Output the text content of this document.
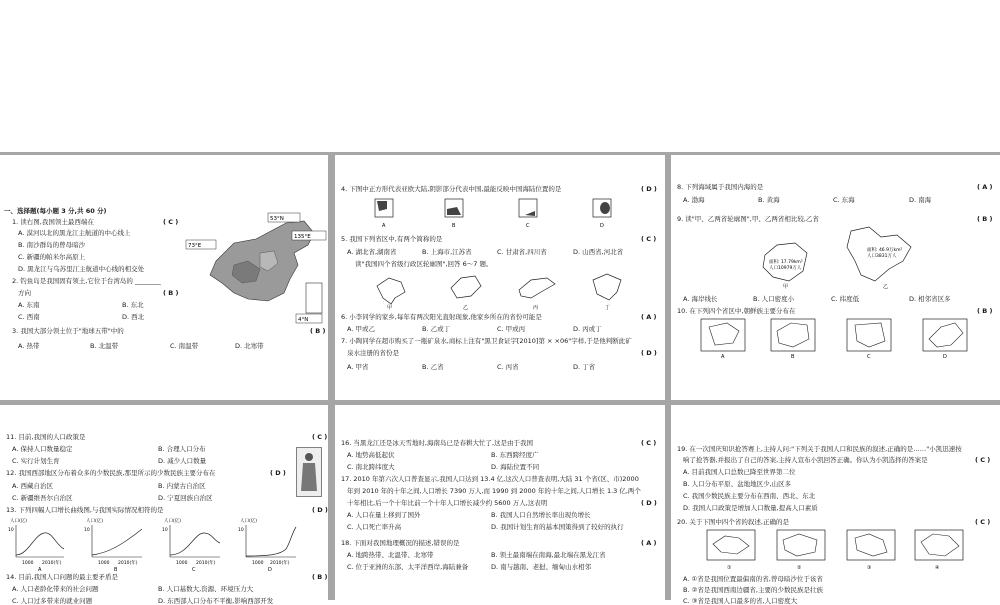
一、选择题(每小题 3 分,共 60 分)
1. 读右图,我国领土最西端在	( C )
A. 漠河以北的黑龙江主航道的中心线上
B. 南沙群岛的曾母暗沙
C. 新疆的帕米尔高原上
D. 黑龙江与乌苏里江主航道中心线的相交处
2. 钓鱼岛是我国固有领土,它位于台湾岛的 ________
方向	( B )
A. 东南	B. 东北
C. 西南	D. 西北
3. 我国大部分领土位于"地球五带"中的	( B )
A. 热带	B. 北温带	C. 南温带	D. 北寒带
53°N
135°E
73°E
4°N
4. 下图中正方形代表亚欧大陆,阴影部分代表中国,最能反映中国海陆位置的是	( D )
A	B	C	D
5. 我国下列省区中,有两个简称的是	( C )
A. 湖北省,湖南省	B. 上海市,江苏省	C. 甘肃省,四川省	D. 山西省,河北省
读"我国四个省级行政区轮廓图",回答 6～7 题。
甲	乙	丙	丁
6. 小李同学的家乡,每年有两次阳光直射现象,他家乡所在的省份可能是	( A )
A. 甲或乙	B. 乙或丁	C. 甲或丙	D. 丙或丁
7. 小陶同学在超市购买了一瓶矿泉水,商标上注有"黑卫食证字[2010]第 × ×06"字样,于是他判断此矿
泉水注册的省份是	( D )
A. 甲省	B. 乙省	C. 丙省	D. 丁省
8. 下列海域属于我国内海的是	( A )
A. 渤海	B. 黄海	C. 东海	D. 南海
9. 读"甲、乙两省轮廓图",甲、乙两省相比较,乙省	( B )
面积: 17.79km²
人口10979万人
甲
面积: 46.9万km²
人口3831万人
乙
A. 海岸线长	B. 人口密度小	C. 纬度低	D. 相邻省区多
10. 在下列四个省区中,朝鲜族主要分布在	( B )
A	B	C	D
11. 目前,我国的人口政策是	( C )
A. 保持人口数量稳定	B. 合理人口分布
C. 实行计划生育	D. 减少人口数量
12. 我国西部地区分布着众多的少数民族,那里所示的少数民族主要分布在	( D )
A. 西藏自治区	B. 内蒙古自治区
C. 新疆维吾尔自治区	D. 宁夏回族自治区
13. 下列四幅人口增长曲线图,与我国实际情况相符的是	( D )
人口(亿)
10
1000 2010(年)
A
人口(亿)
10
1000 2010(年)
B
人口(亿)
10
1000 2010(年)
C
人口(亿)
10
1000 2010(年)
D
14. 目前,我国人口问题的最主要矛盾是	( B )
A. 人口老龄化带来的社会问题	B. 人口基数大,资源、环境压力大
C. 人口过多带来的就业问题	D. 东西部人口分布不平衡,影响西部开发
16. 当黑龙江还是冰天雪地时,海南岛已是春耕大忙了,这是由于我国	( C )
A. 地势高低起伏	B. 东西跨经度广
C. 南北跨纬度大	D. 海陆位置不同
17. 2010 年第六次人口普查显示,我国人口达到 13.4 亿,这次人口普查表明,大陆 31 个省(区、市)2000
年到 2010 年的十年之间,人口增长 7390 万人,而 1990 到 2000 年的十年之间,人口增长 1.3 亿,两个
十年相比,后一个十年比前一个十年人口增长减少约 5600 万人,这表明	( D )
A. 人口在量上移到了国外	B. 我国人口自然增长率出现负增长
C. 人口死亡率升高	D. 我国计划生育的基本国策得到了较好的执行
18. 下面对我国地理概况的描述,错误的是	( A )
A. 地跨热带、北温带、北寒带	B. 领土最南端在南海,最北端在黑龙江省
C. 位于亚洲的东部、太平洋西岸,海陆兼备	D. 南与越南、老挝、缅甸山水相邻
19. 在一次国庆知识抢答赛上,主持人问:"下列关于我国人口和民族的叙述,正确的是……"小凯迅速按
响了抢答器,并报出了自己的答案,主持人宣布小凯回答正确。你认为小凯选择的答案是	( C )
A. 目前我国人口总数已降至世界第二位
B. 人口分布平原、盆地地区少,山区多
C. 我国少数民族主要分布在西南、西北、东北
D. 我国人口政策是增加人口数量,提高人口素质
20. 关于下图中四个省的叙述,正确的是	( C )
①	②	③	④
A. ①省是我国位置最偏南的省,曾母暗沙位于该省
B. ②省是我国西南边疆省,主要的少数民族是壮族
C. ③省是我国人口最多的省,人口密度大
